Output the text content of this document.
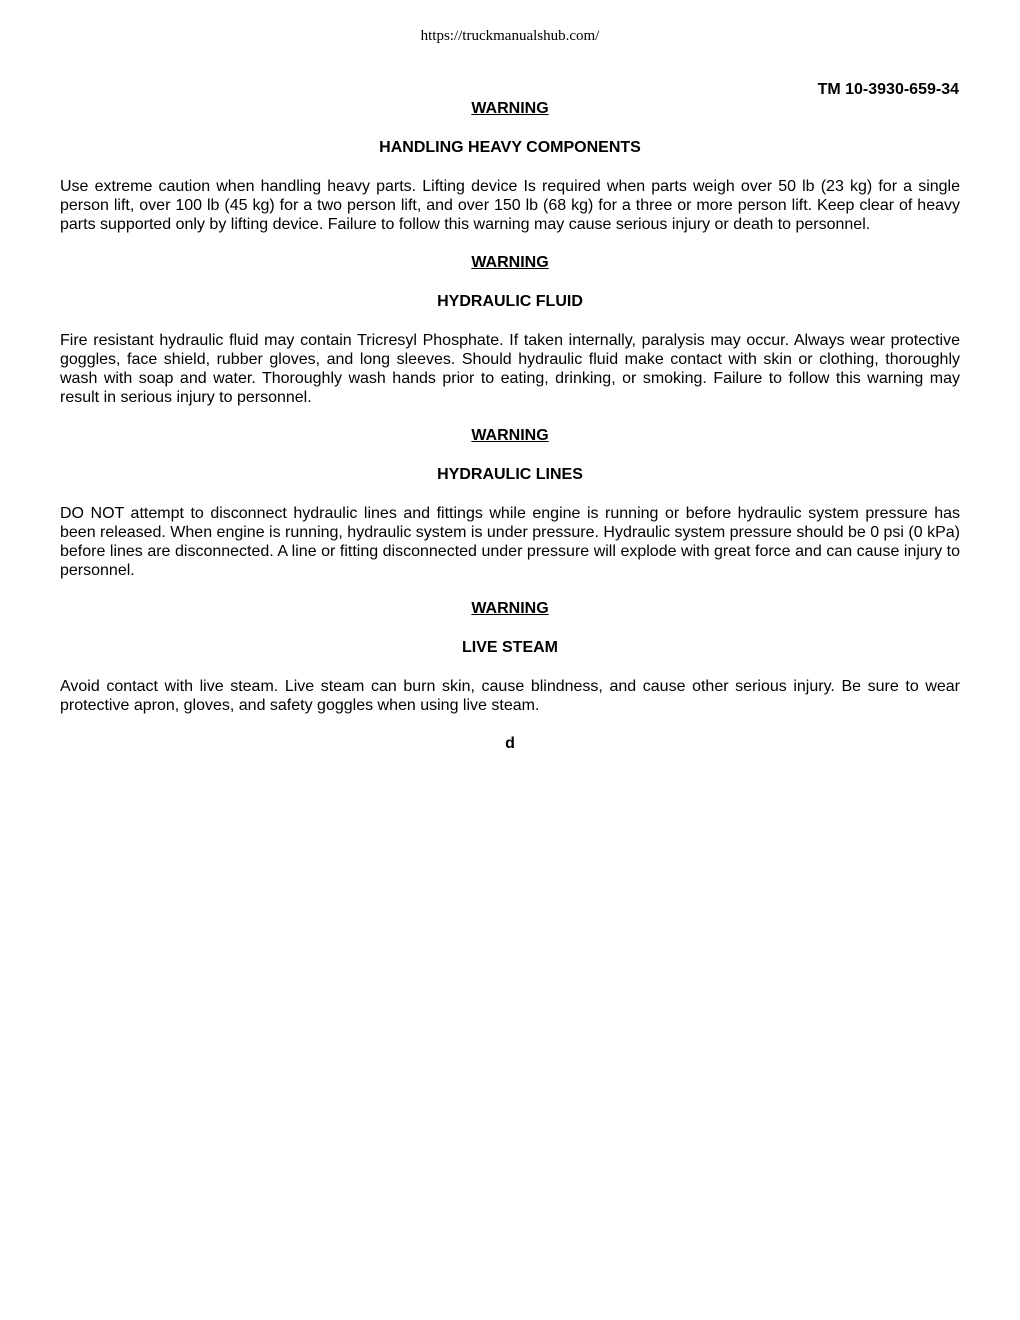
https://truckmanualshub.com/
TM 10-3930-659-34
WARNING
HANDLING HEAVY COMPONENTS
Use extreme caution when handling heavy parts. Lifting device Is required when parts weigh over 50 lb (23 kg) for a single person lift, over 100 lb (45 kg) for a two person lift, and over 150 lb (68 kg) for a three or more person lift. Keep clear of heavy parts supported only by lifting device. Failure to follow this warning may cause serious injury or death to personnel.
WARNING
HYDRAULIC FLUID
Fire resistant hydraulic fluid may contain Tricresyl Phosphate. If taken internally, paralysis may occur. Always wear protective goggles, face shield, rubber gloves, and long sleeves. Should hydraulic fluid make contact with skin or clothing, thoroughly wash with soap and water. Thoroughly wash hands prior to eating, drinking, or smoking. Failure to follow this warning may result in serious injury to personnel.
WARNING
HYDRAULIC LINES
DO NOT attempt to disconnect hydraulic lines and fittings while engine is running or before hydraulic system pressure has been released. When engine is running, hydraulic system is under pressure. Hydraulic system pressure should be 0 psi (0 kPa) before lines are disconnected. A line or fitting disconnected under pressure will explode with great force and can cause injury to personnel.
WARNING
LIVE STEAM
Avoid contact with live steam. Live steam can burn skin, cause blindness, and cause other serious injury. Be sure to wear protective apron, gloves, and safety goggles when using live steam.
d
